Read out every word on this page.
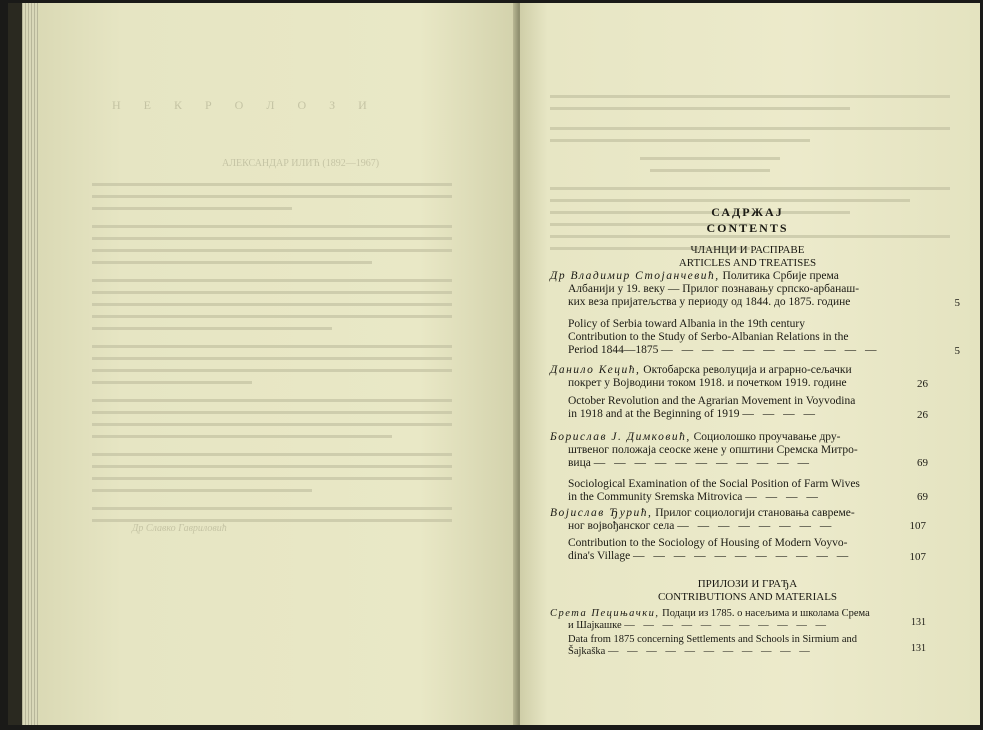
Н Е К Р О Л О З И
АЛЕКСАНДАР ИЛИЋ (1892—1967)
Др Славко Гавриловић
САДРЖАЈ
CONTENTS
ЧЛАНЦИ И РАСПРАВЕ
ARTICLES AND TREATISES
Др Владимир Стојанчевић, Политика Србије према
Албанији у 19. веку — Прилог познавању српско-арбанаш-
ких веза пријатељства у периоду од 1844. до 1875. године	5
Policy of Serbia toward Albania in the 19th century
Contribution to the Study of Serbo-Albanian Relations in the
Period 1844—1875 — — — — — — — — — — —	5
Данило Кецић, Октобарска револуција и аграрно-сељачки
покрет у Војводини током 1918. и почетком 1919. године	26
October Revolution and the Agrarian Movement in Voyvodina
in 1918 and at the Beginning of 1919 — — — —	26
Борислав Ј. Димковић, Социолошко проучавање дру-
штвеног положаја сеоске жене у општини Сремска Митро-
вица — — — — — — — — — — —	69
Sociological Examination of the Social Position of Farm Wives
in the Community Sremska Mitrovica — — — —	69
Војислав Ђурић, Прилог социологији становања савреме-
ног војвођанског села — — — — — — — —	107
Contribution to the Sociology of Housing of Modern Voyvo-
dina's Village — — — — — — — — — — —	107
ПРИЛОЗИ И ГРАЂА
CONTRIBUTIONS AND MATERIALS
Срета Пецињачки, Подаци из 1785. о насељима и школама Срема
и Шајкашке — — — — — — — — — — —	131
Data from 1875 concerning Settlements and Schools in Sirmium and
Šajkaška — — — — — — — — — — —	131
